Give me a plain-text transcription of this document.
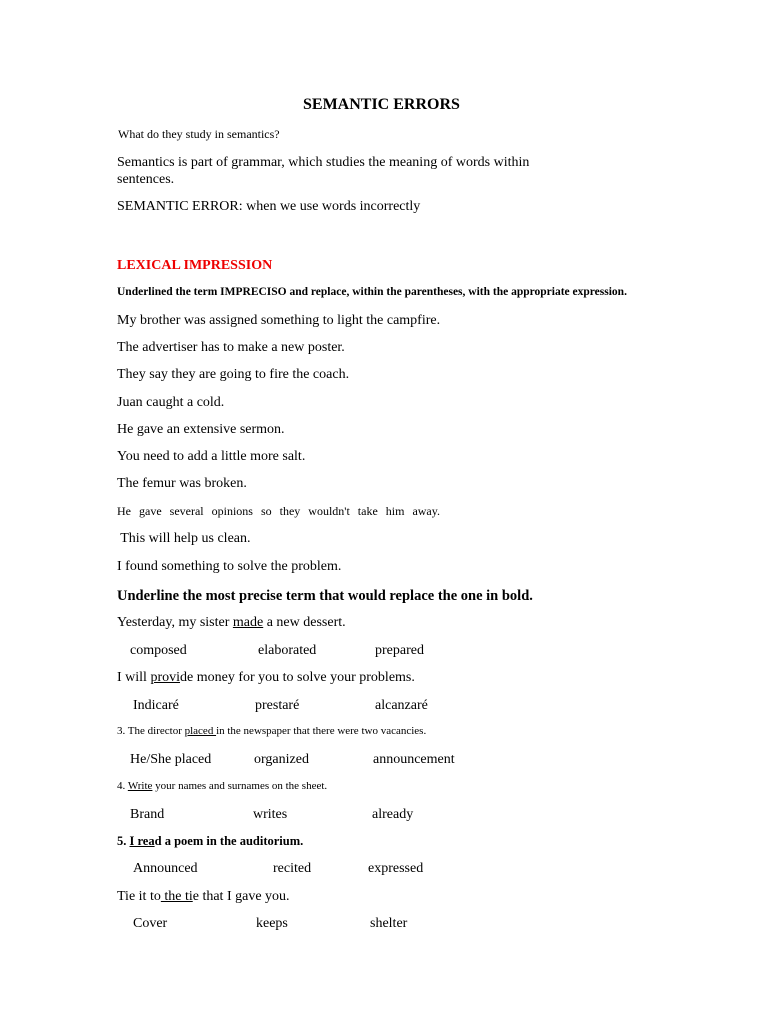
SEMANTIC ERRORS
What do they study in semantics?
Semantics is part of grammar, which studies the meaning of words within sentences.
SEMANTIC ERROR: when we use words incorrectly
LEXICAL IMPRESSION
Underlined the term IMPRECISO and replace, within the parentheses, with the appropriate expression.
My brother was assigned something to light the campfire.
The advertiser has to make a new poster.
They say they are going to fire the coach.
Juan caught a cold.
He gave an extensive sermon.
You need to add a little more salt.
The femur was broken.
He gave several opinions so they wouldn't take him away.
This will help us clean.
I found something to solve the problem.
Underline the most precise term that would replace the one in bold.
Yesterday, my sister made a new dessert.
composed	elaborated	prepared
I will provide money for you to solve your problems.
Indicaré	prestaré	alcanzaré
3. The director placed in the newspaper that there were two vacancies.
He/She placed	organized	announcement
4. Write your names and surnames on the sheet.
Brand	writes	already
5. I read a poem in the auditorium.
Announced	recited	expressed
Tie it to the tie that I gave you.
Cover	keeps	shelter
